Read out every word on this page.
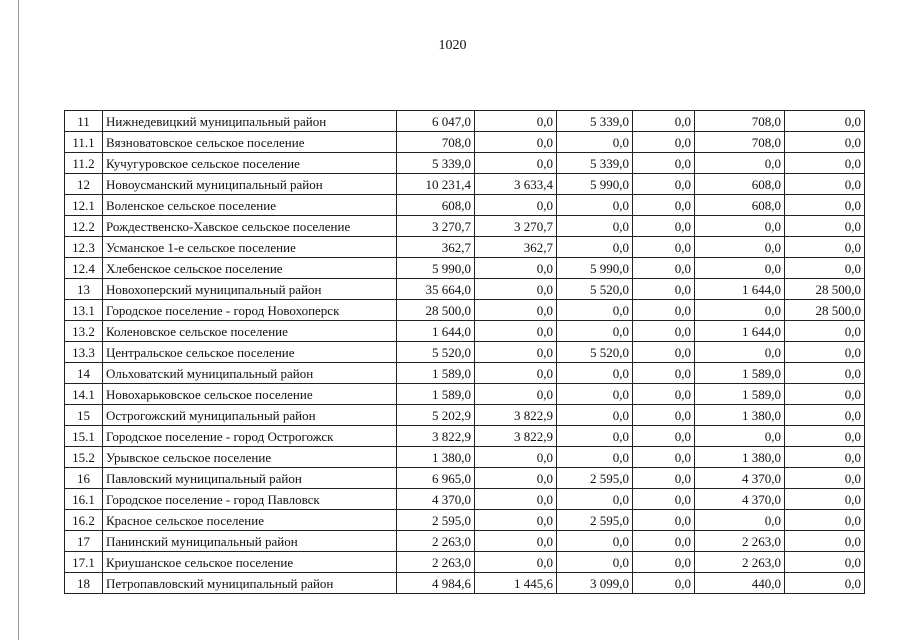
1020
11	Нижнедевицкий муниципальный район	6 047,0	0,0	5 339,0	0,0	708,0	0,0
11.1	Вязноватовское сельское поселение	708,0	0,0	0,0	0,0	708,0	0,0
11.2	Кучугуровское сельское поселение	5 339,0	0,0	5 339,0	0,0	0,0	0,0
12	Новоусманский муниципальный район	10 231,4	3 633,4	5 990,0	0,0	608,0	0,0
12.1	Воленское сельское поселение	608,0	0,0	0,0	0,0	608,0	0,0
12.2	Рождественско-Хавское сельское поселение	3 270,7	3 270,7	0,0	0,0	0,0	0,0
12.3	Усманское 1-е сельское поселение	362,7	362,7	0,0	0,0	0,0	0,0
12.4	Хлебенское сельское поселение	5 990,0	0,0	5 990,0	0,0	0,0	0,0
13	Новохоперский муниципальный район	35 664,0	0,0	5 520,0	0,0	1 644,0	28 500,0
13.1	Городское поселение - город Новохоперск	28 500,0	0,0	0,0	0,0	0,0	28 500,0
13.2	Коленовское сельское поселение	1 644,0	0,0	0,0	0,0	1 644,0	0,0
13.3	Центральское сельское поселение	5 520,0	0,0	5 520,0	0,0	0,0	0,0
14	Ольховатский муниципальный район	1 589,0	0,0	0,0	0,0	1 589,0	0,0
14.1	Новохарьковское сельское поселение	1 589,0	0,0	0,0	0,0	1 589,0	0,0
15	Острогожский муниципальный район	5 202,9	3 822,9	0,0	0,0	1 380,0	0,0
15.1	Городское поселение - город Острогожск	3 822,9	3 822,9	0,0	0,0	0,0	0,0
15.2	Урывское сельское поселение	1 380,0	0,0	0,0	0,0	1 380,0	0,0
16	Павловский муниципальный район	6 965,0	0,0	2 595,0	0,0	4 370,0	0,0
16.1	Городское поселение - город Павловск	4 370,0	0,0	0,0	0,0	4 370,0	0,0
16.2	Красное сельское поселение	2 595,0	0,0	2 595,0	0,0	0,0	0,0
17	Панинский муниципальный район	2 263,0	0,0	0,0	0,0	2 263,0	0,0
17.1	Криушанское сельское поселение	2 263,0	0,0	0,0	0,0	2 263,0	0,0
18	Петропавловский муниципальный район	4 984,6	1 445,6	3 099,0	0,0	440,0	0,0
